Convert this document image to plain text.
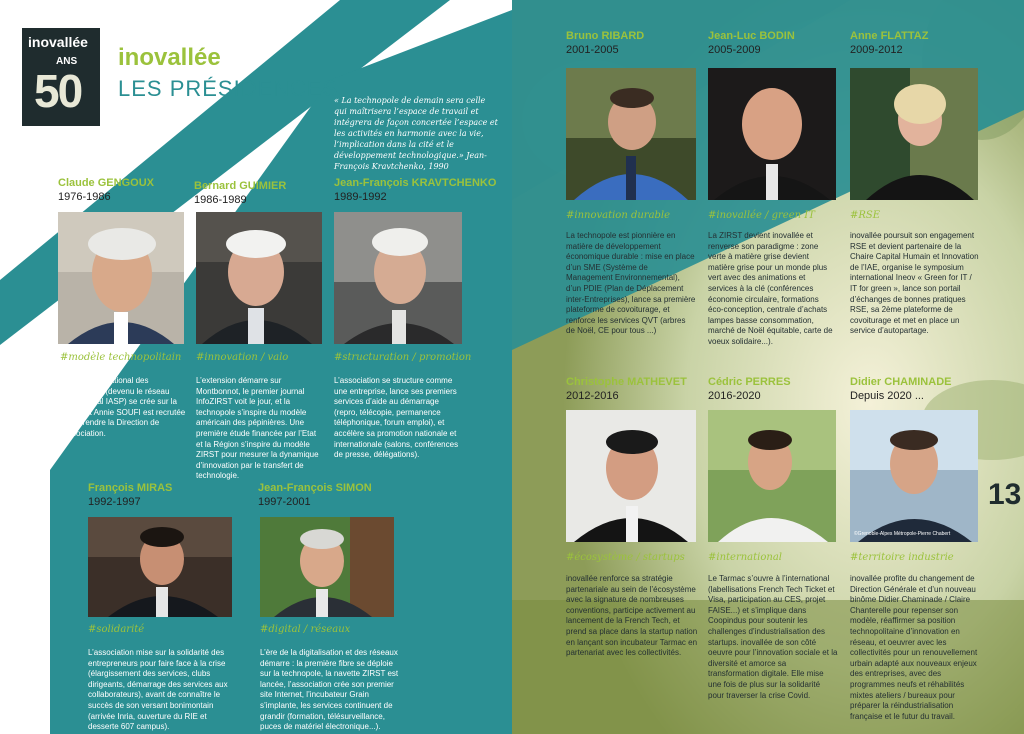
inovallée
ANS
50
inovallée
LES PRÉSIDENCES
« La technopole de demain sera celle qui maîtrisera l’espace de travail et intégrera de façon concertée l’espace et les activités en harmonie avec la vie, l’implication dans la cité et le développement technologique.» Jean-François Kravtchenko, 1990
Claude GENGOUX
1976-1986
#modèle technopolitain
Le Club international des technopoles (devenu le réseau international IASP) se crée sur la ZIRST et Annie SOUFI est recrutée pour prendre la Direction de l’association.
Bernard GUIMIER
1986-1989
#innovation / valo
L’extension démarre sur Montbonnot, le premier journal InfoZIRST voit le jour, et la technopole s’inspire du modèle américain des pépinières. Une première étude financée par l’Etat et la Région s’inspire du modèle ZIRST pour mesurer la dynamique d’innovation par le transfert de technologie.
Jean-François KRAVTCHENKO
1989-1992
#structuration / promotion
L’association se structure comme une entreprise, lance ses premiers services d’aide au démarrage (repro, télécopie, permanence téléphonique, forum emploi), et accélère sa promotion nationale et internationale (salons, conférences de presse, délégations).
François MIRAS
1992-1997
#solidarité
L’association mise sur la solidarité des entrepreneurs pour faire face à la crise (élargissement des services, clubs dirigeants, démarrage des services aux collaborateurs), avant de connaître le succès de son versant bonimontain (arrivée Inria, ouverture du RIE et desserte 607 campus).
Jean-François SIMON
1997-2001
#digital / réseaux
L’ère de la digitalisation et des réseaux démarre : la première fibre se déploie sur la technopole, la navette ZIRST est lancée, l’association crée son premier site Internet, l’incubateur Grain s’implante, les services continuent de grandir (formation, télésurveillance, puces de matériel électronique...).
12
Bruno RIBARD
2001-2005
#innovation durable
La technopole est pionnière en matière de développement économique durable : mise en place d’un SME (Système de Management Environnemental), d’un PDIE (Plan de Déplacement inter-Entreprises), lance sa première plateforme de covoiturage, et renforce les services QVT (arbres de Noël, CE pour tous ...)
Jean-Luc BODIN
2005-2009
#inovallée / green IT
La ZIRST devient inovallée et renverse son paradigme : zone verte à matière grise devient matière grise pour un monde plus vert avec des animations et services à la clé (conférences économie circulaire, formations éco-conception, centrale d’achats lampes basse consommation, marché de Noël équitable, carte de voeux solidaire...).
Anne FLATTAZ
2009-2012
#RSE
inovallée poursuit son engagement RSE et devient partenaire de la Chaire Capital Humain et Innovation de l’IAE, organise le symposium international Ineov « Green for IT / IT for green », lance son portail d’échanges de bonnes pratiques RSE, sa 2ème plateforme de covoiturage et met en place un service d’autopartage.
Christophe MATHEVET
2012-2016
#écosystème / startups
inovallée renforce sa stratégie partenariale au sein de l’écosystème avec la signature de nombreuses conventions, participe activement au lancement de la French Tech, et prend sa place dans la startup nation en lançant son incubateur Tarmac en partenariat avec les collectivités.
Cédric PERRES
2016-2020
#international
Le Tarmac s’ouvre à l’international (labellisations French Tech Ticket et Visa, participation au CES, projet FAISE...) et s’implique dans Coopindus pour soutenir les challenges d’industrialisation des startups. inovallée de son côté oeuvre pour l’innovation sociale et la diversité et amorce sa transformation digitale. Elle mise une fois de plus sur la solidarité pour traverser la crise Covid.
Didier CHAMINADE
Depuis 2020 ...
©Grenoble-Alpes Métropole-Pierre Chabert
#territoire industrie
inovallée profite du changement de Direction Générale et d’un nouveau binôme Didier Chaminade / Claire Chanterelle pour repenser son modèle, réaffirmer sa position technopolitaine d’innovation en réseau, et oeuvrer avec les collectivités pour un renouvellement urbain adapté aux nouveaux enjeux des entreprises, avec des programmes neufs et réhabilités mixtes ateliers / bureaux pour préparer la réindustrialisation française et le futur du travail.
13
